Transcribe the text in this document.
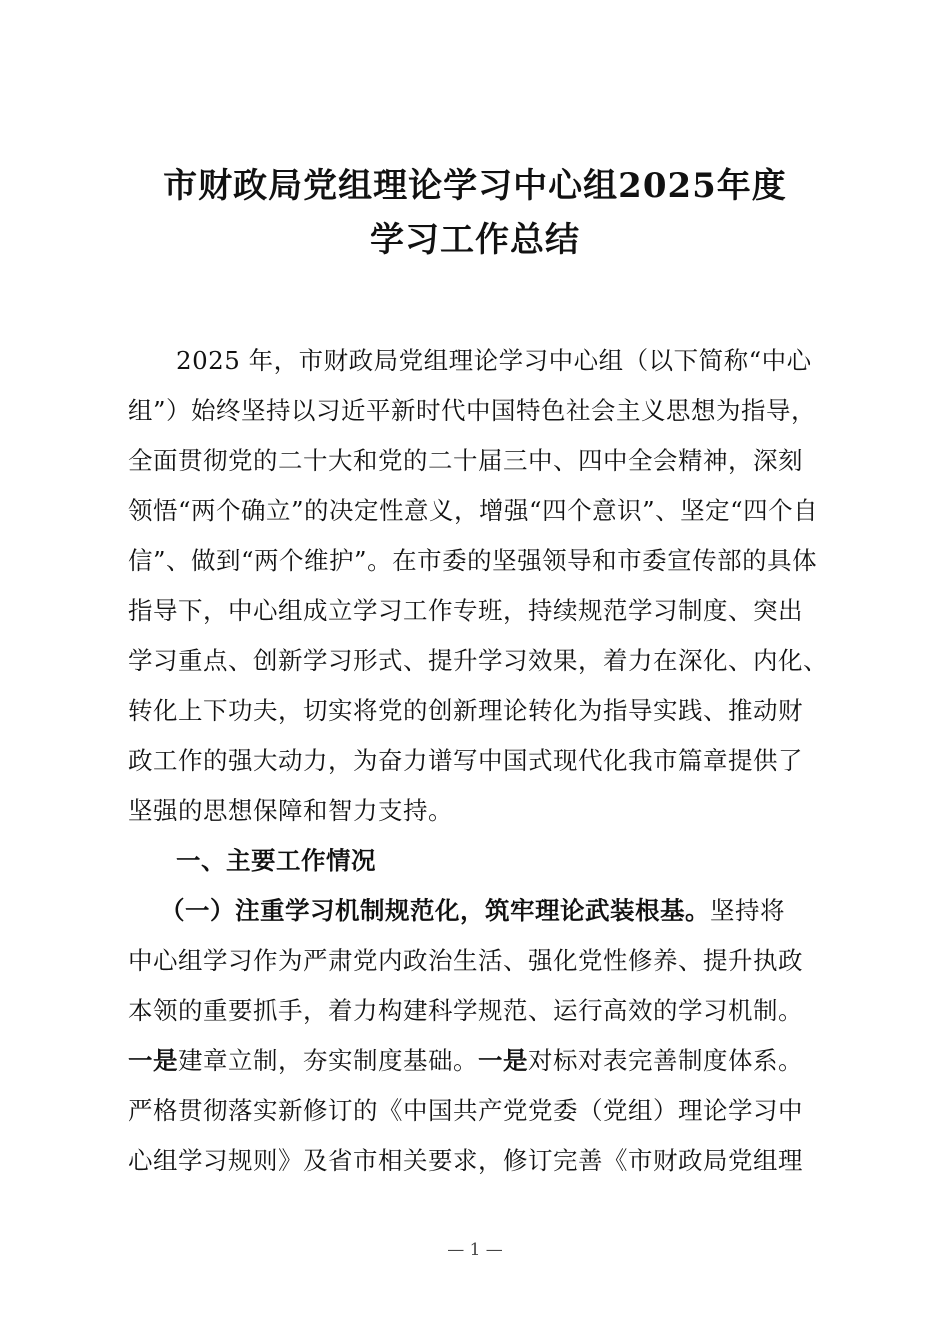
市财政局党组理论学习中心组2025年度
学习工作总结
2025 年，市财政局党组理论学习中心组（以下简称“中心
组”）始终坚持以习近平新时代中国特色社会主义思想为指导，
全面贯彻党的二十大和党的二十届三中、四中全会精神，深刻
领悟“两个确立”的决定性意义，增强“四个意识”、坚定“四个自
信”、做到“两个维护”。在市委的坚强领导和市委宣传部的具体
指导下，中心组成立学习工作专班，持续规范学习制度、突出
学习重点、创新学习形式、提升学习效果，着力在深化、内化、
转化上下功夫，切实将党的创新理论转化为指导实践、推动财
政工作的强大动力，为奋力谱写中国式现代化我市篇章提供了
坚强的思想保障和智力支持。
一、主要工作情况
（一）注重学习机制规范化，筑牢理论武装根基。坚持将
中心组学习作为严肃党内政治生活、强化党性修养、提升执政
本领的重要抓手，着力构建科学规范、运行高效的学习机制。
一是建章立制，夯实制度基础。一是对标对表完善制度体系。
严格贯彻落实新修订的《中国共产党党委（党组）理论学习中
心组学习规则》及省市相关要求，修订完善《市财政局党组理
— 1 —
